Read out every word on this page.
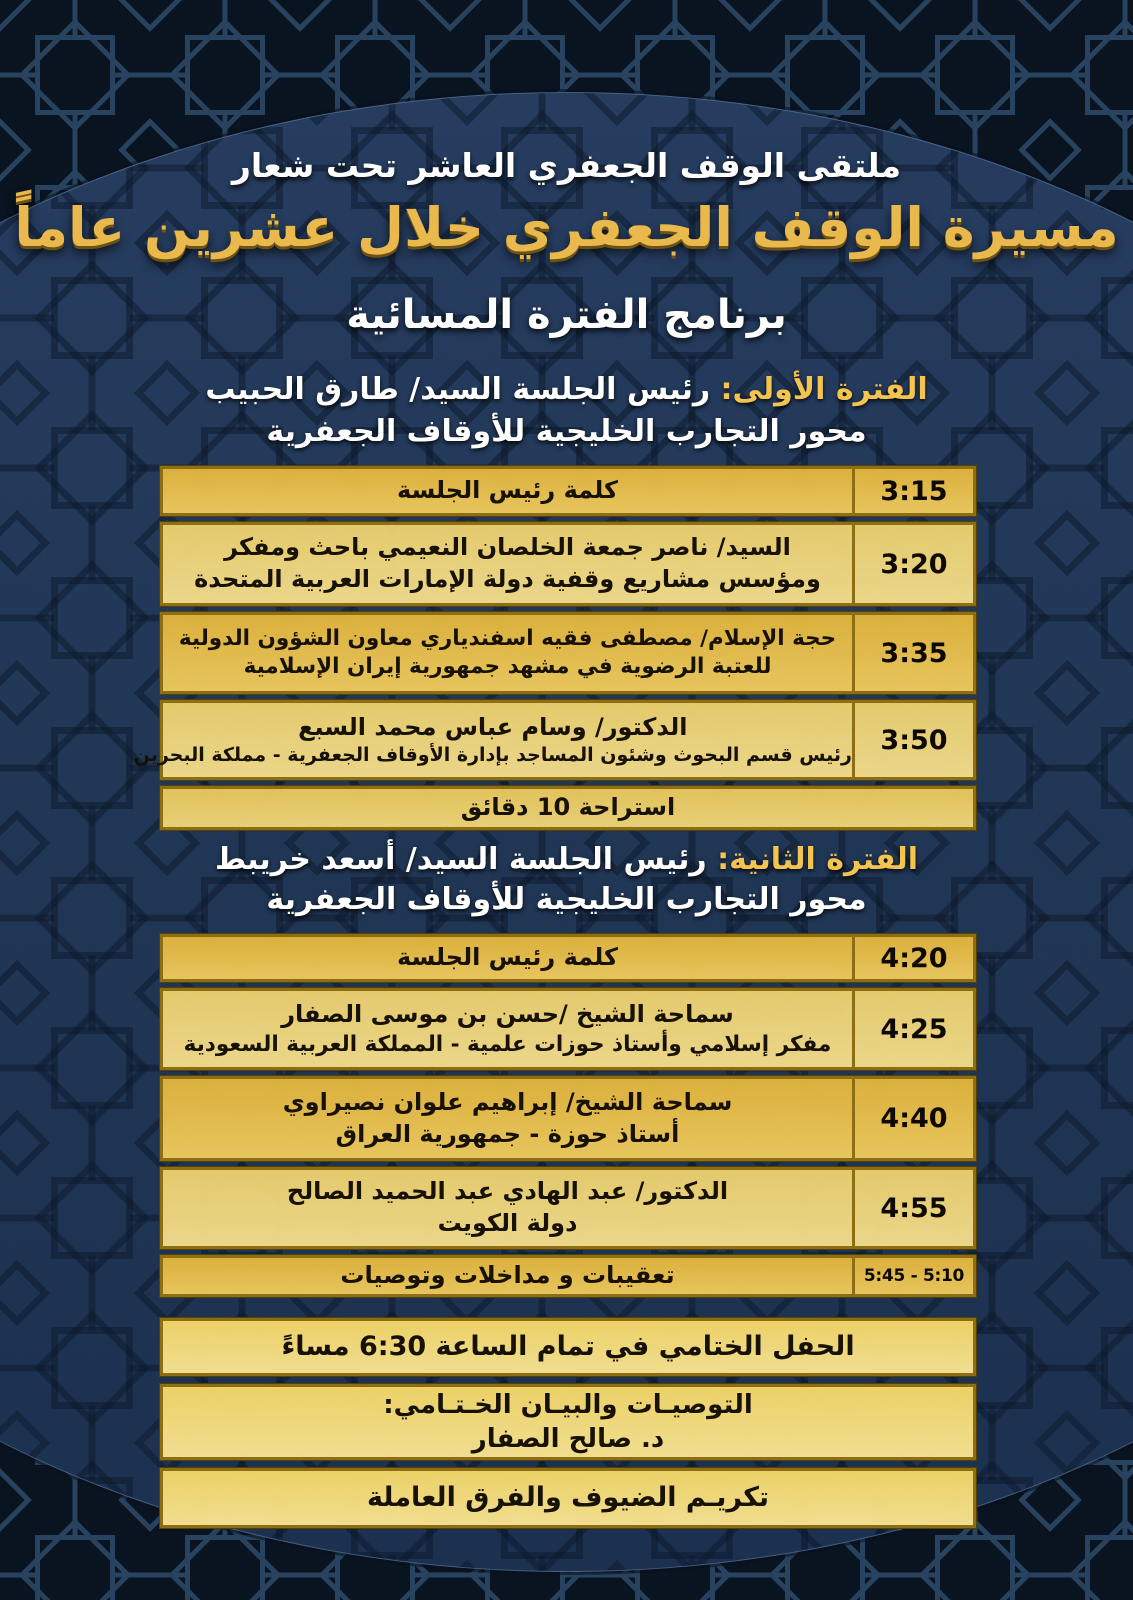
ملتقى الوقف الجعفري العاشر تحت شعار
مسيرة الوقف الجعفري خلال عشرين عاماً
برنامج الفترة المسائية
الفترة الأولى: رئيس الجلسة السيد/ طارق الحبيب
محور التجارب الخليجية للأوقاف الجعفرية
3:15
كلمة رئيس الجلسة
3:20
السيد/ ناصر جمعة الخلصان النعيمي باحث ومفكر
ومؤسس مشاريع وقفية دولة الإمارات العربية المتحدة
3:35
حجة الإسلام/ مصطفى فقيه اسفندياري معاون الشؤون الدولية
للعتبة الرضوية في مشهد جمهورية إيران الإسلامية
3:50
الدكتور/ وسام عباس محمد السبع
رئيس قسم البحوث وشئون المساجد بإدارة الأوقاف الجعفرية - مملكة البحرين
استراحة 10 دقائق
الفترة الثانية: رئيس الجلسة السيد/ أسعد خريبط
محور التجارب الخليجية للأوقاف الجعفرية
4:20
كلمة رئيس الجلسة
4:25
سماحة الشيخ /حسن بن موسى الصفار
مفكر إسلامي وأستاذ حوزات علمية - المملكة العربية السعودية
4:40
سماحة الشيخ/ إبراهيم علوان نصيراوي
أستاذ حوزة - جمهورية العراق
4:55
الدكتور/ عبد الهادي عبد الحميد الصالح
دولة الكويت
5:45 - 5:10
تعقيبات و مداخلات وتوصيات
الحفل الختامي في تمام الساعة 6:30 مساءً
التوصيـات والبيـان الخـتـامي:
د. صالح الصفار
تكريـم الضيوف والفرق العاملة
